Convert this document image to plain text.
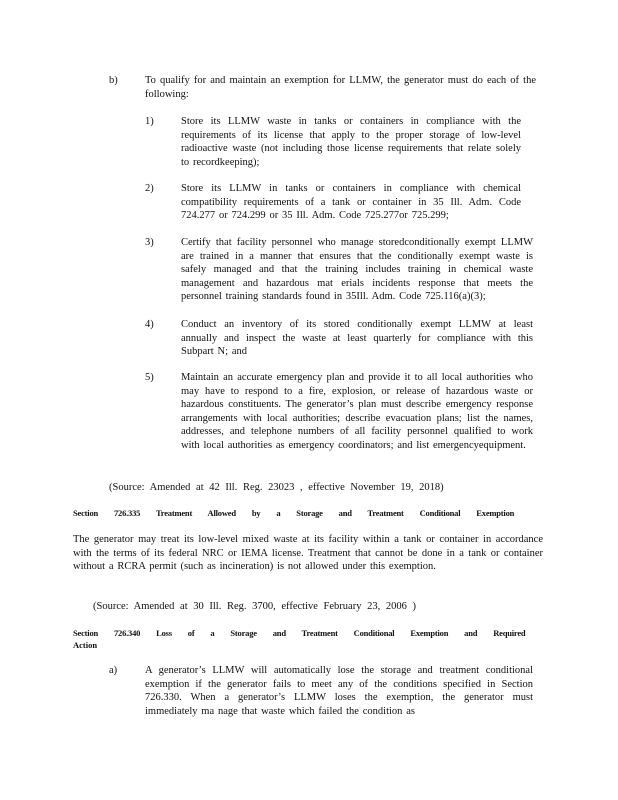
b)	To qualify for and maintain an exemption for LLMW, the generator must do each of the following:
1)	Store its LLMW waste in tanks or containers in compliance with the requirements of its license that apply to the proper storage of low-level radioactive waste (not including those license requirements that relate solely to recordkeeping);
2)	Store its LLMW in tanks or containers in compliance with chemical compatibility requirements of a tank or container in 35 Ill. Adm. Code 724.277 or 724.299 or 35 Ill. Adm. Code 725.277or 725.299;
3)	Certify that facility personnel who manage storedconditionally exempt LLMW are trained in a manner that ensures that the conditionally exempt waste is safely managed and that the training includes training in chemical waste management and hazardous mat erials incidents response that meets the personnel training standards found in 35Ill. Adm. Code 725.116(a)(3);
4)	Conduct an inventory of its stored conditionally exempt LLMW at least annually and inspect the waste at least quarterly for compliance with this Subpart N; and
5)	Maintain an accurate emergency plan and provide it to all local authorities who may have to respond to a fire, explosion, or release of hazardous waste or hazardous constituents. The generator’s plan must describe emergency response arrangements with local authorities; describe evacuation plans; list the names, addresses, and telephone numbers of all facility personnel qualified to work with local authorities as emergency coordinators; and list emergencyequipment.
(Source: Amended at 42 Ill. Reg. 23023 , effective November 19, 2018)
Section 726.335 Treatment Allowed by a Storage and Treatment Conditional Exemption
The generator may treat its low-level mixed waste at its facility within a tank or container in accordance with the terms of its federal NRC or IEMA license. Treatment that cannot be done in a tank or container without a RCRA permit (such as incineration) is not allowed under this exemption.
(Source: Amended at 30 Ill. Reg. 3700, effective February 23, 2006 )
Section 726.340 Loss of a Storage and Treatment Conditional Exemption and Required
Action
a)	A generator’s LLMW will automatically lose the storage and treatment conditional exemption if the generator fails to meet any of the conditions specified in Section 726.330. When a generator’s LLMW loses the exemption, the generator must immediately ma nage that waste which failed the condition as
